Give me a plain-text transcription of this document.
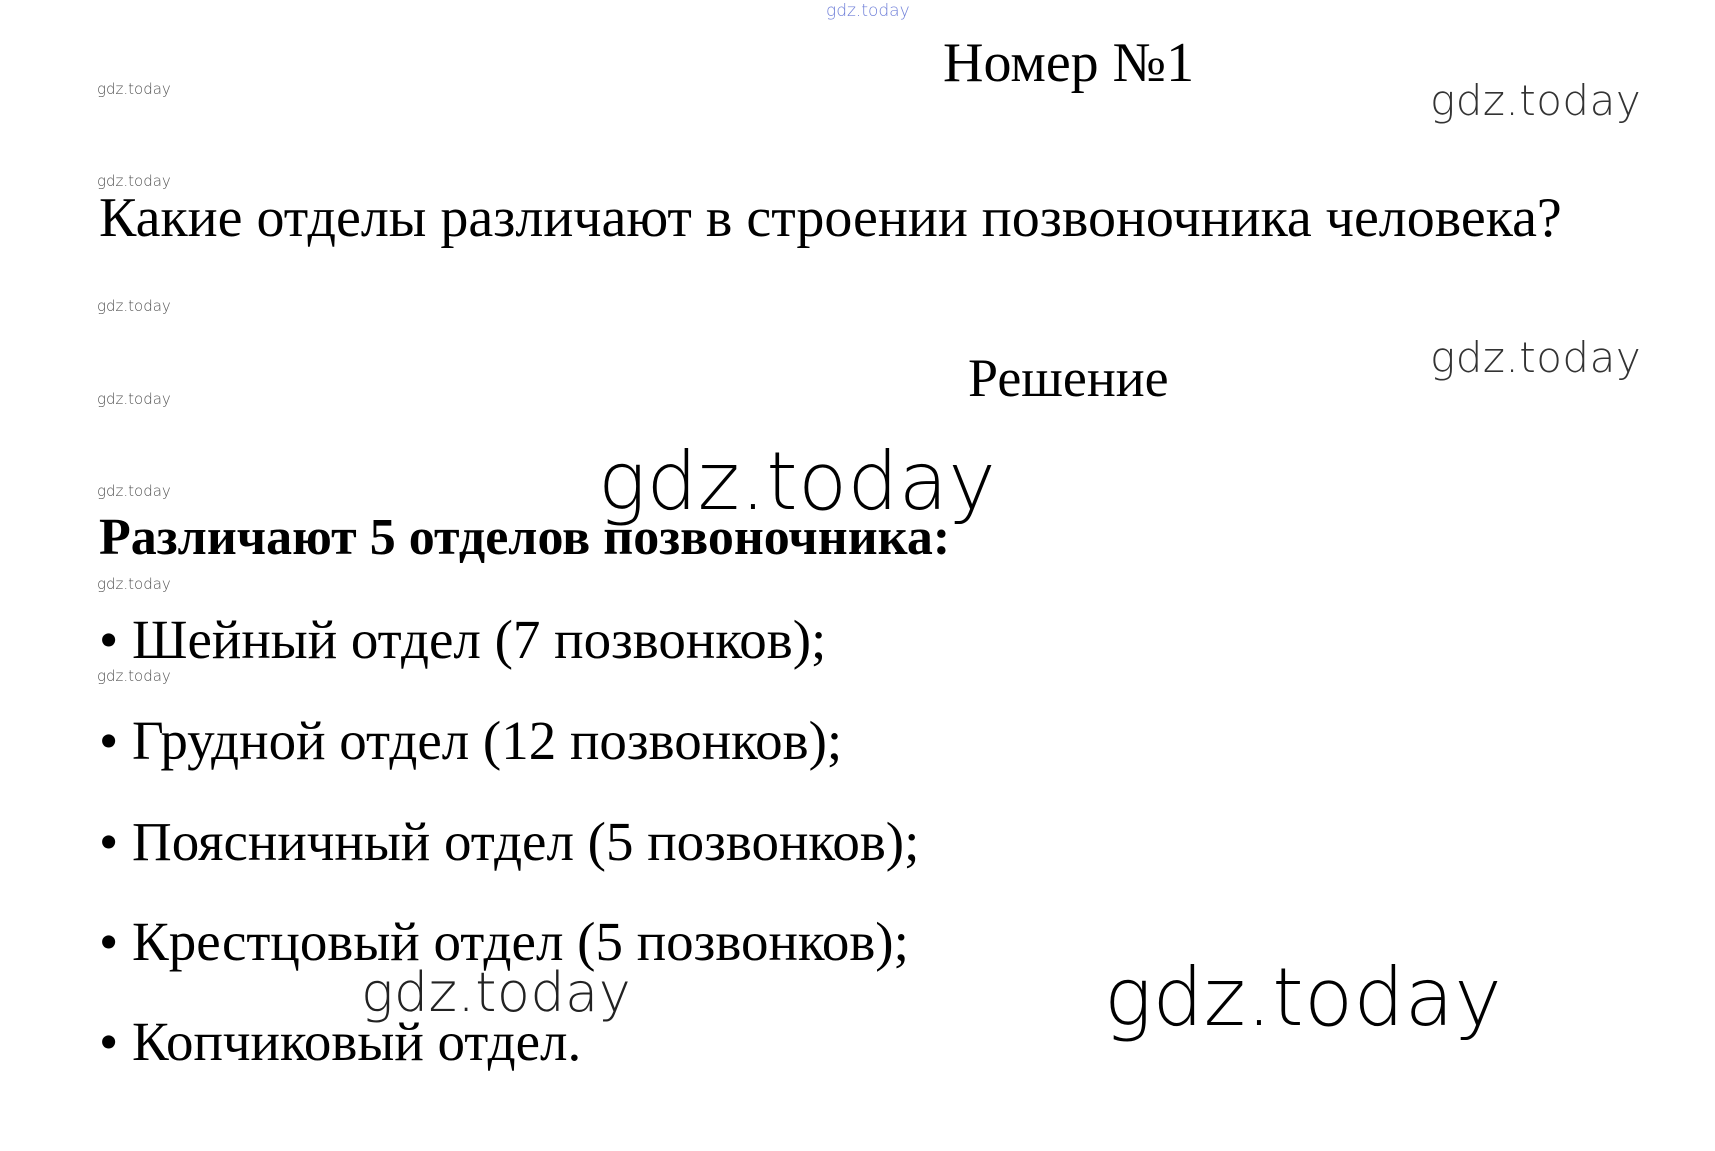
gdz.today
gdz.today
gdz.today
gdz.today
gdz.today
gdz.today
gdz.today
gdz.today
gdz.today
gdz.today
gdz.today
gdz.today	gdz.today
Номер №1
Какие отделы различают в строении позвоночника человека?
Решение
Различают 5 отделов позвоночника:
• Шейный отдел (7 позвонков);
• Грудной отдел (12 позвонков);
• Поясничный отдел (5 позвонков);
• Крестцовый отдел (5 позвонков);
• Копчиковый отдел.
